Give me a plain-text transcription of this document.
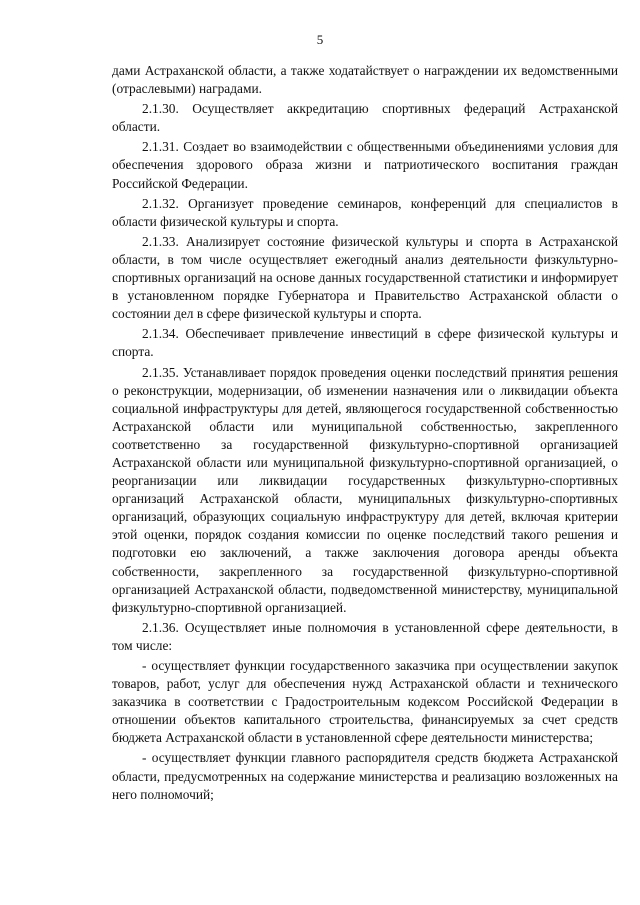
5

дами Астраханской области, а также ходатайствует о награждении их ведомственными (отраслевыми) наградами.

2.1.30. Осуществляет аккредитацию спортивных федераций Астраханской области.

2.1.31. Создает во взаимодействии с общественными объединениями условия для обеспечения здорового образа жизни и патриотического воспитания граждан Российской Федерации.

2.1.32. Организует проведение семинаров, конференций для специалистов в области физической культуры и спорта.

2.1.33. Анализирует состояние физической культуры и спорта в Астраханской области, в том числе осуществляет ежегодный анализ деятельности физкультурно-спортивных организаций на основе данных государственной статистики и информирует в установленном порядке Губернатора и Правительство Астраханской области о состоянии дел в сфере физической культуры и спорта.

2.1.34. Обеспечивает привлечение инвестиций в сфере физической культуры и спорта.

2.1.35. Устанавливает порядок проведения оценки последствий принятия решения о реконструкции, модернизации, об изменении назначения или о ликвидации объекта социальной инфраструктуры для детей, являющегося государственной собственностью Астраханской области или муниципальной собственностью, закрепленного соответственно за государственной физкультурно-спортивной организацией Астраханской области или муниципальной физкультурно-спортивной организацией, о реорганизации или ликвидации государственных физкультурно-спортивных организаций Астраханской области, муниципальных физкультурно-спортивных организаций, образующих социальную инфраструктуру для детей, включая критерии этой оценки, порядок создания комиссии по оценке последствий такого решения и подготовки ею заключений, а также заключения договора аренды объекта собственности, закрепленного за государственной физкультурно-спортивной организацией Астраханской области, подведомственной министерству, муниципальной физкультурно-спортивной организацией.

2.1.36. Осуществляет иные полномочия в установленной сфере деятельности, в том числе:

- осуществляет функции государственного заказчика при осуществлении закупок товаров, работ, услуг для обеспечения нужд Астраханской области и технического заказчика в соответствии с Градостроительным кодексом Российской Федерации в отношении объектов капитального строительства, финансируемых за счет средств бюджета Астраханской области в установленной сфере деятельности министерства;

- осуществляет функции главного распорядителя средств бюджета Астраханской области, предусмотренных на содержание министерства и реализацию возложенных на него полномочий;
